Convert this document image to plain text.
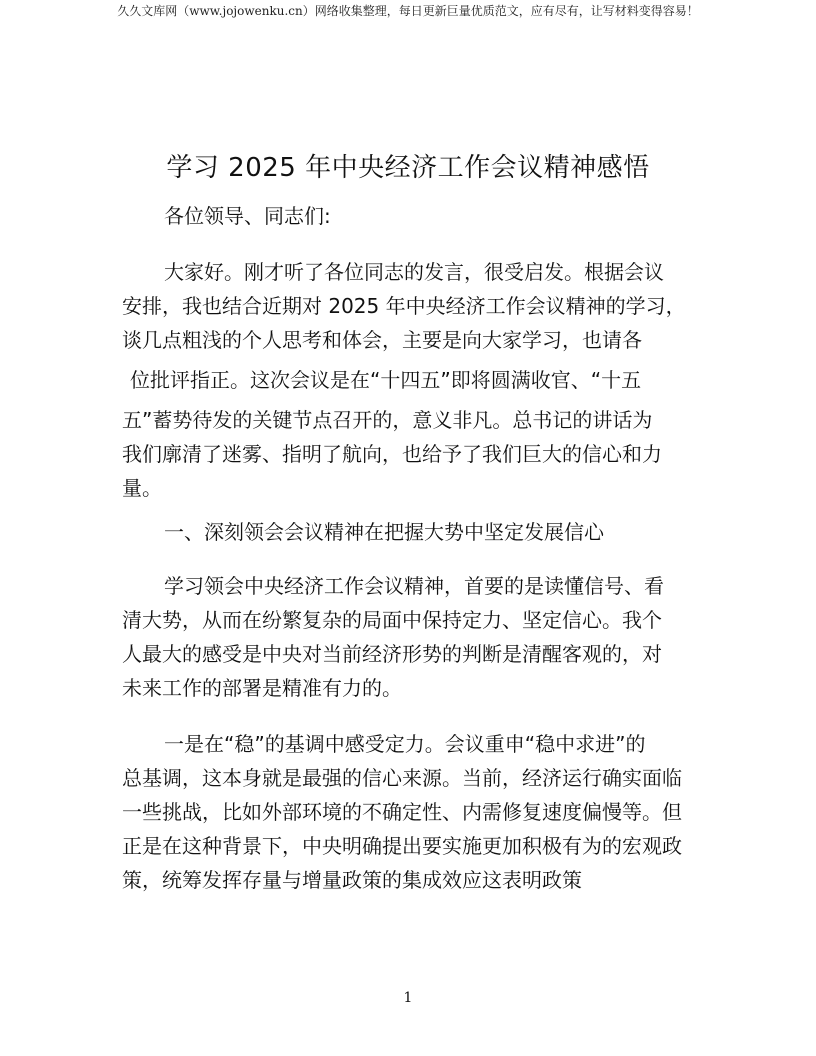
久久文库网（www.jojowenku.cn）网络收集整理，每日更新巨量优质范文，应有尽有，让写材料变得容易！
学习 2025 年中央经济工作会议精神感悟
各位领导、同志们:
大家好。刚才听了各位同志的发言，很受启发。根据会议
安排，我也结合近期对 2025 年中央经济工作会议精神的学习，
谈几点粗浅的个人思考和体会，主要是向大家学习，也请各
位批评指正。这次会议是在“十四五”即将圆满收官、“十五
五”蓄势待发的关键节点召开的，意义非凡。总书记的讲话为
我们廓清了迷雾、指明了航向，也给予了我们巨大的信心和力
量。
一、深刻领会会议精神在把握大势中坚定发展信心
学习领会中央经济工作会议精神，首要的是读懂信号、看
清大势，从而在纷繁复杂的局面中保持定力、坚定信心。我个
人最大的感受是中央对当前经济形势的判断是清醒客观的，对
未来工作的部署是精准有力的。
一是在“稳”的基调中感受定力。会议重申“稳中求进”的
总基调，这本身就是最强的信心来源。当前，经济运行确实面临
一些挑战，比如外部环境的不确定性、内需修复速度偏慢等。但
正是在这种背景下，中央明确提出要实施更加积极有为的宏观政
策，统筹发挥存量与增量政策的集成效应这表明政策
1
